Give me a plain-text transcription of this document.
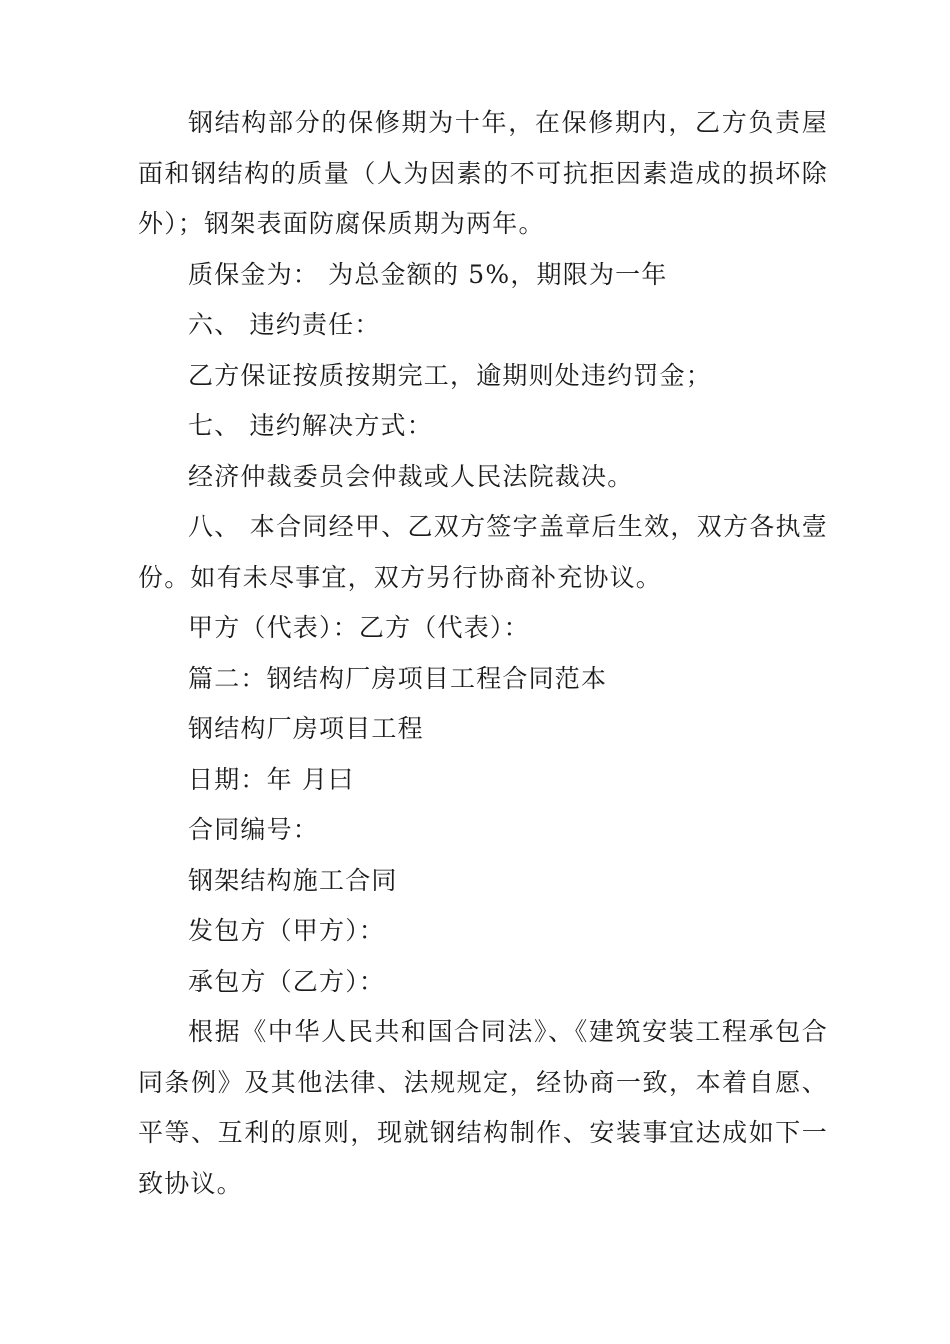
钢结构部分的保修期为十年，在保修期内，乙方负责屋面和钢结构的质量（人为因素的不可抗拒因素造成的损坏除外）；钢架表面防腐保质期为两年。

质保金为： 为总金额的 5%，期限为一年

六、 违约责任：

乙方保证按质按期完工，逾期则处违约罚金；

七、 违约解决方式：

经济仲裁委员会仲裁或人民法院裁决。

八、 本合同经甲、乙双方签字盖章后生效，双方各执壹份。如有未尽事宜，双方另行协商补充协议。

甲方（代表）：乙方（代表）：

篇二：钢结构厂房项目工程合同范本

钢结构厂房项目工程

日期：年 月曰

合同编号：

钢架结构施工合同

发包方（甲方）：

承包方（乙方）：

根据《中华人民共和国合同法》、《建筑安装工程承包合同条例》及其他法律、法规规定，经协商一致，本着自愿、 平等、互利的原则，现就钢结构制作、安装事宜达成如下一 致协议。
